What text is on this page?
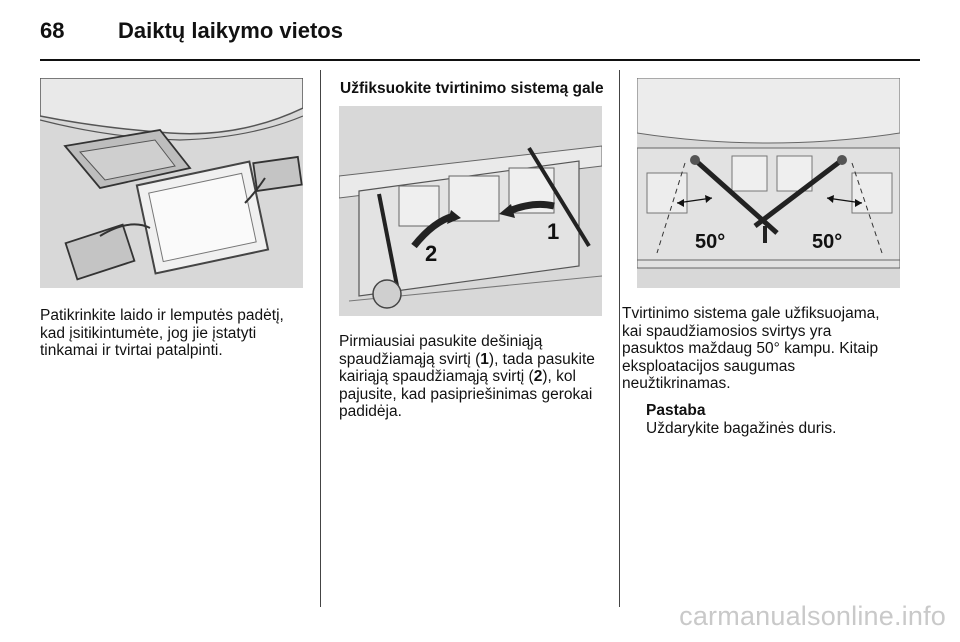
68	Daiktų laikymo vietos
Patikrinkite laido ir lemputės padėtį,
kad įsitikintumėte, jog jie įstatyti
tinkamai ir tvirtai patalpinti.
Užfiksuokite tvirtinimo sistemą gale
2
1
Pirmiausiai pasukite dešiniąją
spaudžiamąją svirtį (1), tada pasukite
kairiąją spaudžiamąją svirtį (2), kol
pajusite, kad pasipriešinimas gerokai
padidėja.
50°	50°
Tvirtinimo sistema gale užfiksuojama,
kai spaudžiamosios svirtys yra
pasuktos maždaug 50° kampu. Kitaip
eksploatacijos saugumas
neužtikrinamas.
Pastaba
Uždarykite bagažinės duris.
carmanualsonline.info
